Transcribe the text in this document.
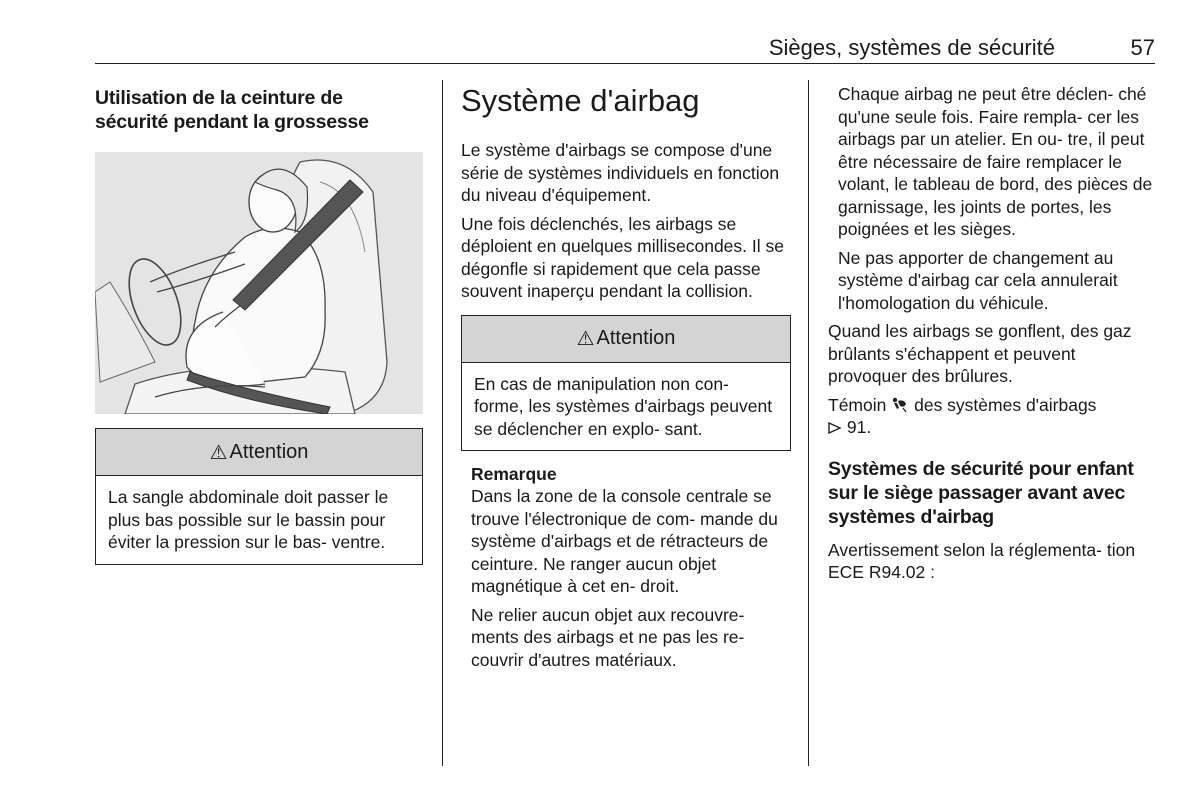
Sièges, systèmes de sécurité	57
Utilisation de la ceinture de
sécurité pendant la grossesse
⚠ Attention
La sangle abdominale doit passer le plus bas possible sur le bassin pour éviter la pression sur le bas- ventre.
Système d'airbag

Le système d'airbags se compose d'une série de systèmes individuels en fonction du niveau d'équipement.

Une fois déclenchés, les airbags se déploient en quelques millisecondes. Il se dégonfle si rapidement que cela passe souvent inaperçu pendant la collision.

⚠ Attention
En cas de manipulation non con- forme, les systèmes d'airbags peuvent se déclencher en explo- sant.
Remarque

Dans la zone de la console centrale se trouve l'électronique de com- mande du système d'airbags et de rétracteurs de ceinture. Ne ranger aucun objet magnétique à cet en- droit.

Ne relier aucun objet aux recouvre- ments des airbags et ne pas les re- couvrir d'autres matériaux.

Chaque airbag ne peut être déclen- ché qu'une seule fois. Faire rempla- cer les airbags par un atelier. En ou- tre, il peut être nécessaire de faire remplacer le volant, le tableau de bord, des pièces de garnissage, les joints de portes, les poignées et les sièges.

Ne pas apporter de changement au système d'airbag car cela annulerait l'homologation du véhicule.

Quand les airbags se gonflent, des gaz brûlants s'échappent et peuvent provoquer des brûlures.

Témoin des systèmes d'airbags
91.

Systèmes de sécurité pour enfant sur le siège passager avant avec systèmes d'airbag

Avertissement selon la réglementa- tion ECE R94.02 :
